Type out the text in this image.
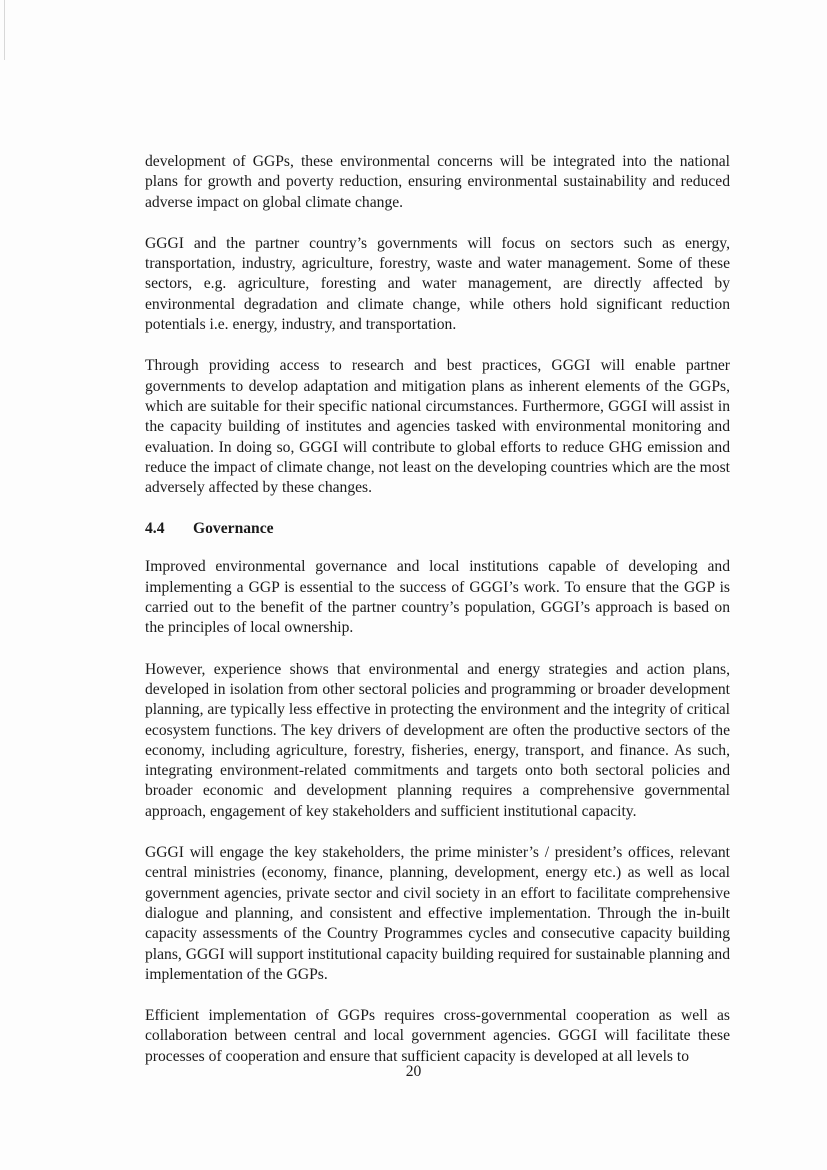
development of GGPs, these environmental concerns will be integrated into the national plans for growth and poverty reduction, ensuring environmental sustainability and reduced adverse impact on global climate change.

GGGI and the partner country’s governments will focus on sectors such as energy, transportation, industry, agriculture, forestry, waste and water management. Some of these sectors, e.g. agriculture, foresting and water management, are directly affected by environmental degradation and climate change, while others hold significant reduction potentials i.e. energy, industry, and transportation.

Through providing access to research and best practices, GGGI will enable partner governments to develop adaptation and mitigation plans as inherent elements of the GGPs, which are suitable for their specific national circumstances. Furthermore, GGGI will assist in the capacity building of institutes and agencies tasked with environmental monitoring and evaluation. In doing so, GGGI will contribute to global efforts to reduce GHG emission and reduce the impact of climate change, not least on the developing countries which are the most adversely affected by these changes.

4.4	Governance

Improved environmental governance and local institutions capable of developing and implementing a GGP is essential to the success of GGGI’s work. To ensure that the GGP is carried out to the benefit of the partner country’s population, GGGI’s approach is based on the principles of local ownership.

However, experience shows that environmental and energy strategies and action plans, developed in isolation from other sectoral policies and programming or broader development planning, are typically less effective in protecting the environment and the integrity of critical ecosystem functions. The key drivers of development are often the productive sectors of the economy, including agriculture, forestry, fisheries, energy, transport, and finance. As such, integrating environment-related commitments and targets onto both sectoral policies and broader economic and development planning requires a comprehensive governmental approach, engagement of key stakeholders and sufficient institutional capacity.

GGGI will engage the key stakeholders, the prime minister’s / president’s offices, relevant central ministries (economy, finance, planning, development, energy etc.) as well as local government agencies, private sector and civil society in an effort to facilitate comprehensive dialogue and planning, and consistent and effective implementation. Through the in-built capacity assessments of the Country Programmes cycles and consecutive capacity building plans, GGGI will support institutional capacity building required for sustainable planning and implementation of the GGPs.

Efficient implementation of GGPs requires cross-governmental cooperation as well as collaboration between central and local government agencies. GGGI will facilitate these processes of cooperation and ensure that sufficient capacity is developed at all levels to

20
